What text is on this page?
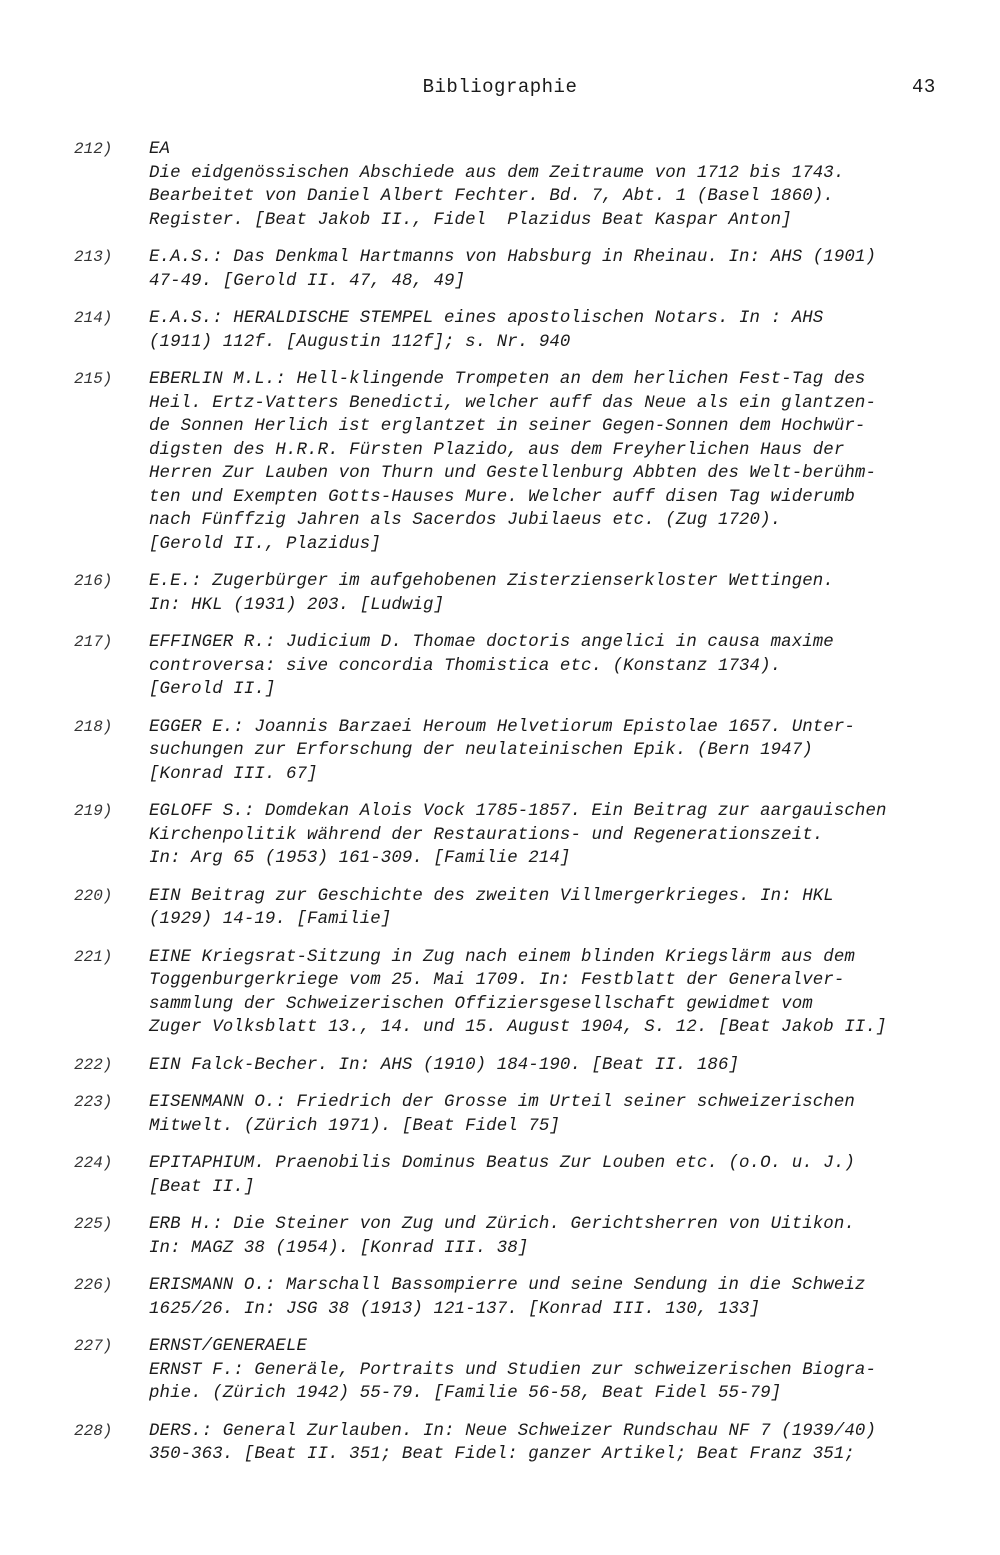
Bibliographie	43
212)	EA
Die eidgenössischen Abschiede aus dem Zeitraume von 1712 bis 1743.
Bearbeitet von Daniel Albert Fechter. Bd. 7, Abt. 1 (Basel 1860).
Register. [Beat Jakob II., Fidel  Plazidus Beat Kaspar Anton]
213)	E.A.S.: Das Denkmal Hartmanns von Habsburg in Rheinau. In: AHS (1901)
47-49. [Gerold II. 47, 48, 49]
214)	E.A.S.: HERALDISCHE STEMPEL eines apostolischen Notars. In : AHS
(1911) 112f. [Augustin 112f]; s. Nr. 940
215)	EBERLIN M.L.: Hell-klingende Trompeten an dem herlichen Fest-Tag des
Heil. Ertz-Vatters Benedicti, welcher auff das Neue als ein glantzen-
de Sonnen Herlich ist erglantzet in seiner Gegen-Sonnen dem Hochwür-
digsten des H.R.R. Fürsten Plazido, aus dem Freyherlichen Haus der
Herren Zur Lauben von Thurn und Gestellenburg Abbten des Welt-berühm-
ten und Exempten Gotts-Hauses Mure. Welcher auff disen Tag widerumb
nach Fünffzig Jahren als Sacerdos Jubilaeus etc. (Zug 1720).
[Gerold II., Plazidus]
216)	E.E.: Zugerbürger im aufgehobenen Zisterzienserkloster Wettingen.
In: HKL (1931) 203. [Ludwig]
217)	EFFINGER R.: Judicium D. Thomae doctoris angelici in causa maxime
controversa: sive concordia Thomistica etc. (Konstanz 1734).
[Gerold II.]
218)	EGGER E.: Joannis Barzaei Heroum Helvetiorum Epistolae 1657. Unter-
suchungen zur Erforschung der neulateinischen Epik. (Bern 1947)
[Konrad III. 67]
219)	EGLOFF S.: Domdekan Alois Vock 1785-1857. Ein Beitrag zur aargauischen
Kirchenpolitik während der Restaurations- und Regenerationszeit.
In: Arg 65 (1953) 161-309. [Familie 214]
220)	EIN Beitrag zur Geschichte des zweiten Villmergerkrieges. In: HKL
(1929) 14-19. [Familie]
221)	EINE Kriegsrat-Sitzung in Zug nach einem blinden Kriegslärm aus dem
Toggenburgerkriege vom 25. Mai 1709. In: Festblatt der Generalver-
sammlung der Schweizerischen Offiziersgesellschaft gewidmet vom
Zuger Volksblatt 13., 14. und 15. August 1904, S. 12. [Beat Jakob II.]
222)	EIN Falck-Becher. In: AHS (1910) 184-190. [Beat II. 186]
223)	EISENMANN O.: Friedrich der Grosse im Urteil seiner schweizerischen
Mitwelt. (Zürich 1971). [Beat Fidel 75]
224)	EPITAPHIUM. Praenobilis Dominus Beatus Zur Louben etc. (o.O. u. J.)
[Beat II.]
225)	ERB H.: Die Steiner von Zug und Zürich. Gerichtsherren von Uitikon.
In: MAGZ 38 (1954). [Konrad III. 38]
226)	ERISMANN O.: Marschall Bassompierre und seine Sendung in die Schweiz
1625/26. In: JSG 38 (1913) 121-137. [Konrad III. 130, 133]
227)	ERNST/GENERAELE
ERNST F.: Generäle, Portraits und Studien zur schweizerischen Biogra-
phie. (Zürich 1942) 55-79. [Familie 56-58, Beat Fidel 55-79]
228)	DERS.: General Zurlauben. In: Neue Schweizer Rundschau NF 7 (1939/40)
350-363. [Beat II. 351; Beat Fidel: ganzer Artikel; Beat Franz 351;
